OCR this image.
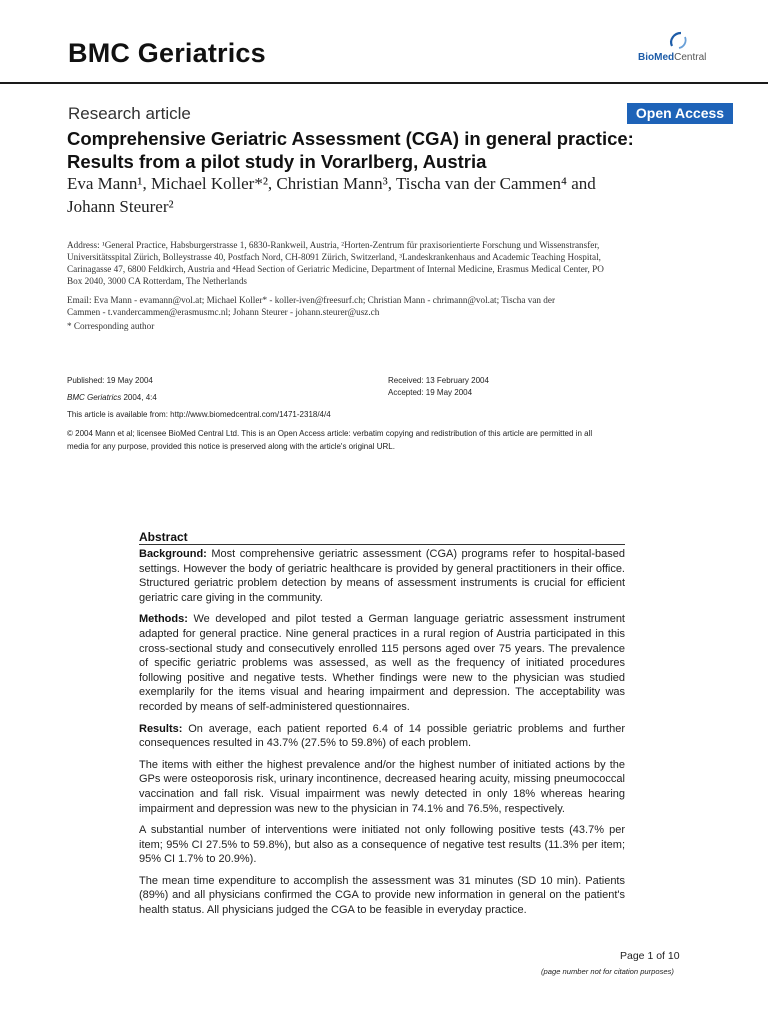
BMC Geriatrics	BioMedCentral
Research article	Open Access
Comprehensive Geriatric Assessment (CGA) in general practice:
Results from a pilot study in Vorarlberg, Austria
Eva Mann¹, Michael Koller*², Christian Mann³, Tischa van der Cammen⁴ and
Johann Steurer²
Address: ¹General Practice, Habsburgerstrasse 1, 6830-Rankweil, Austria, ²Horten-Zentrum für praxisorientierte Forschung und Wissenstransfer,
Universitätsspital Zürich, Bolleystrasse 40, Postfach Nord, CH-8091 Zürich, Switzerland, ³Landeskrankenhaus and Academic Teaching Hospital,
Carinagasse 47, 6800 Feldkirch, Austria and ⁴Head Section of Geriatric Medicine, Department of Internal Medicine, Erasmus Medical Center, PO
Box 2040, 3000 CA Rotterdam, The Netherlands
Email: Eva Mann - evamann@vol.at; Michael Koller* - koller-iven@freesurf.ch; Christian Mann - chrimann@vol.at; Tischa van der
Cammen - t.vandercammen@erasmusmc.nl; Johann Steurer - johann.steurer@usz.ch
* Corresponding author
Published: 19 May 2004
BMC Geriatrics 2004, 4:4
Received: 13 February 2004
Accepted: 19 May 2004
This article is available from: http://www.biomedcentral.com/1471-2318/4/4
© 2004 Mann et al; licensee BioMed Central Ltd. This is an Open Access article: verbatim copying and redistribution of this article are permitted in all
media for any purpose, provided this notice is preserved along with the article's original URL.
Abstract

Background: Most comprehensive geriatric assessment (CGA) programs refer to hospital-based settings. However the body of geriatric healthcare is provided by general practitioners in their office. Structured geriatric problem detection by means of assessment instruments is crucial for efficient geriatric care giving in the community.

Methods: We developed and pilot tested a German language geriatric assessment instrument adapted for general practice. Nine general practices in a rural region of Austria participated in this cross-sectional study and consecutively enrolled 115 persons aged over 75 years. The prevalence of specific geriatric problems was assessed, as well as the frequency of initiated procedures following positive and negative tests. Whether findings were new to the physician was studied exemplarily for the items visual and hearing impairment and depression. The acceptability was recorded by means of self-administered questionnaires.

Results: On average, each patient reported 6.4 of 14 possible geriatric problems and further consequences resulted in 43.7% (27.5% to 59.8%) of each problem.

The items with either the highest prevalence and/or the highest number of initiated actions by the GPs were osteoporosis risk, urinary incontinence, decreased hearing acuity, missing pneumococcal vaccination and fall risk. Visual impairment was newly detected in only 18% whereas hearing impairment and depression was new to the physician in 74.1% and 76.5%, respectively.

A substantial number of interventions were initiated not only following positive tests (43.7% per item; 95% CI 27.5% to 59.8%), but also as a consequence of negative test results (11.3% per item; 95% CI 1.7% to 20.9%).

The mean time expenditure to accomplish the assessment was 31 minutes (SD 10 min). Patients (89%) and all physicians confirmed the CGA to provide new information in general on the patient's health status. All physicians judged the CGA to be feasible in everyday practice.

Page 1 of 10
(page number not for citation purposes)
